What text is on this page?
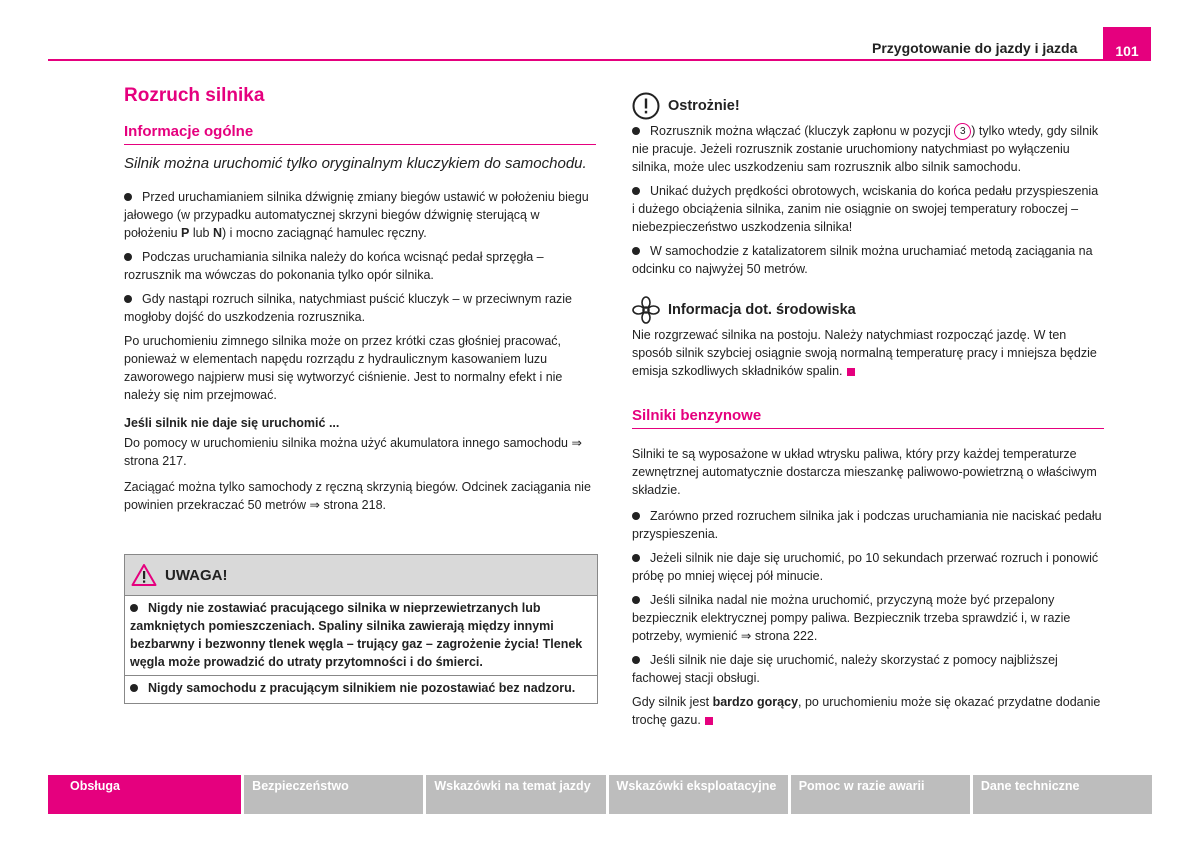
Przygotowanie do jazdy i jazda	101
Rozruch silnika
Informacje ogólne
Silnik można uruchomić tylko oryginalnym kluczykiem do samochodu.
Przed uruchamianiem silnika dźwignię zmiany biegów ustawić w położeniu biegu jałowego (w przypadku automatycznej skrzyni biegów dźwignię sterującą w położeniu P lub N) i mocno zaciągnąć hamulec ręczny.
Podczas uruchamiania silnika należy do końca wcisnąć pedał sprzęgła – rozrusznik ma wówczas do pokonania tylko opór silnika.
Gdy nastąpi rozruch silnika, natychmiast puścić kluczyk – w przeciwnym razie mogłoby dojść do uszkodzenia rozrusznika.

Po uruchomieniu zimnego silnika może on przez krótki czas głośniej pracować, ponieważ w elementach napędu rozrządu z hydraulicznym kasowaniem luzu zaworowego najpierw musi się wytworzyć ciśnienie. Jest to normalny efekt i nie należy się nim przejmować.

Jeśli silnik nie daje się uruchomić ...

Do pomocy w uruchomieniu silnika można użyć akumulatora innego samochodu ⇒ strona 217.

Zaciągać można tylko samochody z ręczną skrzynią biegów. Odcinek zaciągania nie powinien przekraczać 50 metrów ⇒ strona 218.

UWAGA!
Nigdy nie zostawiać pracującego silnika w nieprzewietrzanych lub zamkniętych pomieszczeniach. Spaliny silnika zawierają między innymi bezbarwny i bezwonny tlenek węgla – trujący gaz – zagrożenie życia! Tlenek węgla może prowadzić do utraty przytomności i do śmierci.
Nigdy samochodu z pracującym silnikiem nie pozostawiać bez nadzoru.
Ostrożnie!
Rozrusznik można włączać (kluczyk zapłonu w pozycji 3 ) tylko wtedy, gdy silnik nie pracuje. Jeżeli rozrusznik zostanie uruchomiony natychmiast po wyłączeniu silnika, może ulec uszkodzeniu sam rozrusznik albo silnik samochodu.
Unikać dużych prędkości obrotowych, wciskania do końca pedału przyspieszenia i dużego obciążenia silnika, zanim nie osiągnie on swojej temperatury roboczej – niebezpieczeństwo uszkodzenia silnika!
W samochodzie z katalizatorem silnik można uruchamiać metodą zaciągania na odcinku co najwyżej 50 metrów.
Informacja dot. środowiska

Nie rozgrzewać silnika na postoju. Należy natychmiast rozpocząć jazdę. W ten sposób silnik szybciej osiągnie swoją normalną temperaturę pracy i mniejsza będzie emisja szkodliwych składników spalin.

Silniki benzynowe

Silniki te są wyposażone w układ wtrysku paliwa, który przy każdej temperaturze zewnętrznej automatycznie dostarcza mieszankę paliwowo-powietrzną o właściwym składzie.

Zarówno przed rozruchem silnika jak i podczas uruchamiania nie naciskać pedału przyspieszenia.
Jeżeli silnik nie daje się uruchomić, po 10 sekundach przerwać rozruch i ponowić próbę po mniej więcej pół minucie.
Jeśli silnika nadal nie można uruchomić, przyczyną może być przepalony bezpiecznik elektrycznej pompy paliwa. Bezpiecznik trzeba sprawdzić i, w razie potrzeby, wymienić ⇒ strona 222.
Jeśli silnik nie daje się uruchomić, należy skorzystać z pomocy najbliższej fachowej stacji obsługi.

Gdy silnik jest bardzo gorący, po uruchomieniu może się okazać przydatne dodanie trochę gazu.

Obsługa	Bezpieczeństwo	Wskazówki na temat jazdy	Wskazówki eksploatacyjne	Pomoc w razie awarii	Dane techniczne
